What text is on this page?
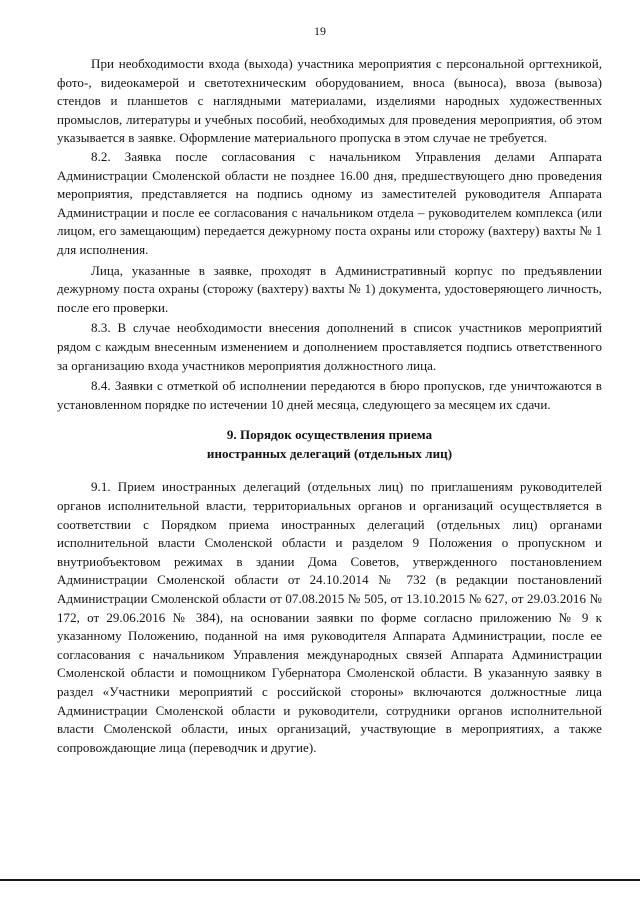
19

При необходимости входа (выхода) участника мероприятия с персональной оргтехникой, фото-, видеокамерой и светотехническим оборудованием, вноса (выноса), ввоза (вывоза) стендов и планшетов с наглядными материалами, изделиями народных художественных промыслов, литературы и учебных пособий, необходимых для проведения мероприятия, об этом указывается в заявке. Оформление материального пропуска в этом случае не требуется.

8.2. Заявка после согласования с начальником Управления делами Аппарата Администрации Смоленской области не позднее 16.00 дня, предшествующего дню проведения мероприятия, представляется на подпись одному из заместителей руководителя Аппарата Администрации и после ее согласования с начальником отдела – руководителем комплекса (или лицом, его замещающим) передается дежурному поста охраны или сторожу (вахтеру) вахты № 1 для исполнения.

Лица, указанные в заявке, проходят в Административный корпус по предъявлении дежурному поста охраны (сторожу (вахтеру) вахты № 1) документа, удостоверяющего личность, после его проверки.

8.3. В случае необходимости внесения дополнений в список участников мероприятий рядом с каждым внесенным изменением и дополнением проставляется подпись ответственного за организацию входа участников мероприятия должностного лица.

8.4. Заявки с отметкой об исполнении передаются в бюро пропусков, где уничтожаются в установленном порядке по истечении 10 дней месяца, следующего за месяцем их сдачи.

9. Порядок осуществления приема
иностранных делегаций (отдельных лиц)

9.1. Прием иностранных делегаций (отдельных лиц) по приглашениям руководителей органов исполнительной власти, территориальных органов и организаций осуществляется в соответствии с Порядком приема иностранных делегаций (отдельных лиц) органами исполнительной власти Смоленской области и разделом 9 Положения о пропускном и внутриобъектовом режимах в здании Дома Советов, утвержденного постановлением Администрации Смоленской области от 24.10.2014 № 732 (в редакции постановлений Администрации Смоленской области от 07.08.2015 № 505, от 13.10.2015 № 627, от 29.03.2016 № 172, от 29.06.2016 № 384), на основании заявки по форме согласно приложению № 9 к указанному Положению, поданной на имя руководителя Аппарата Администрации, после ее согласования с начальником Управления международных связей Аппарата Администрации Смоленской области и помощником Губернатора Смоленской области. В указанную заявку в раздел «Участники мероприятий с российской стороны» включаются должностные лица Администрации Смоленской области и руководители, сотрудники органов исполнительной власти Смоленской области, иных организаций, участвующие в мероприятиях, а также сопровождающие лица (переводчик и другие).
